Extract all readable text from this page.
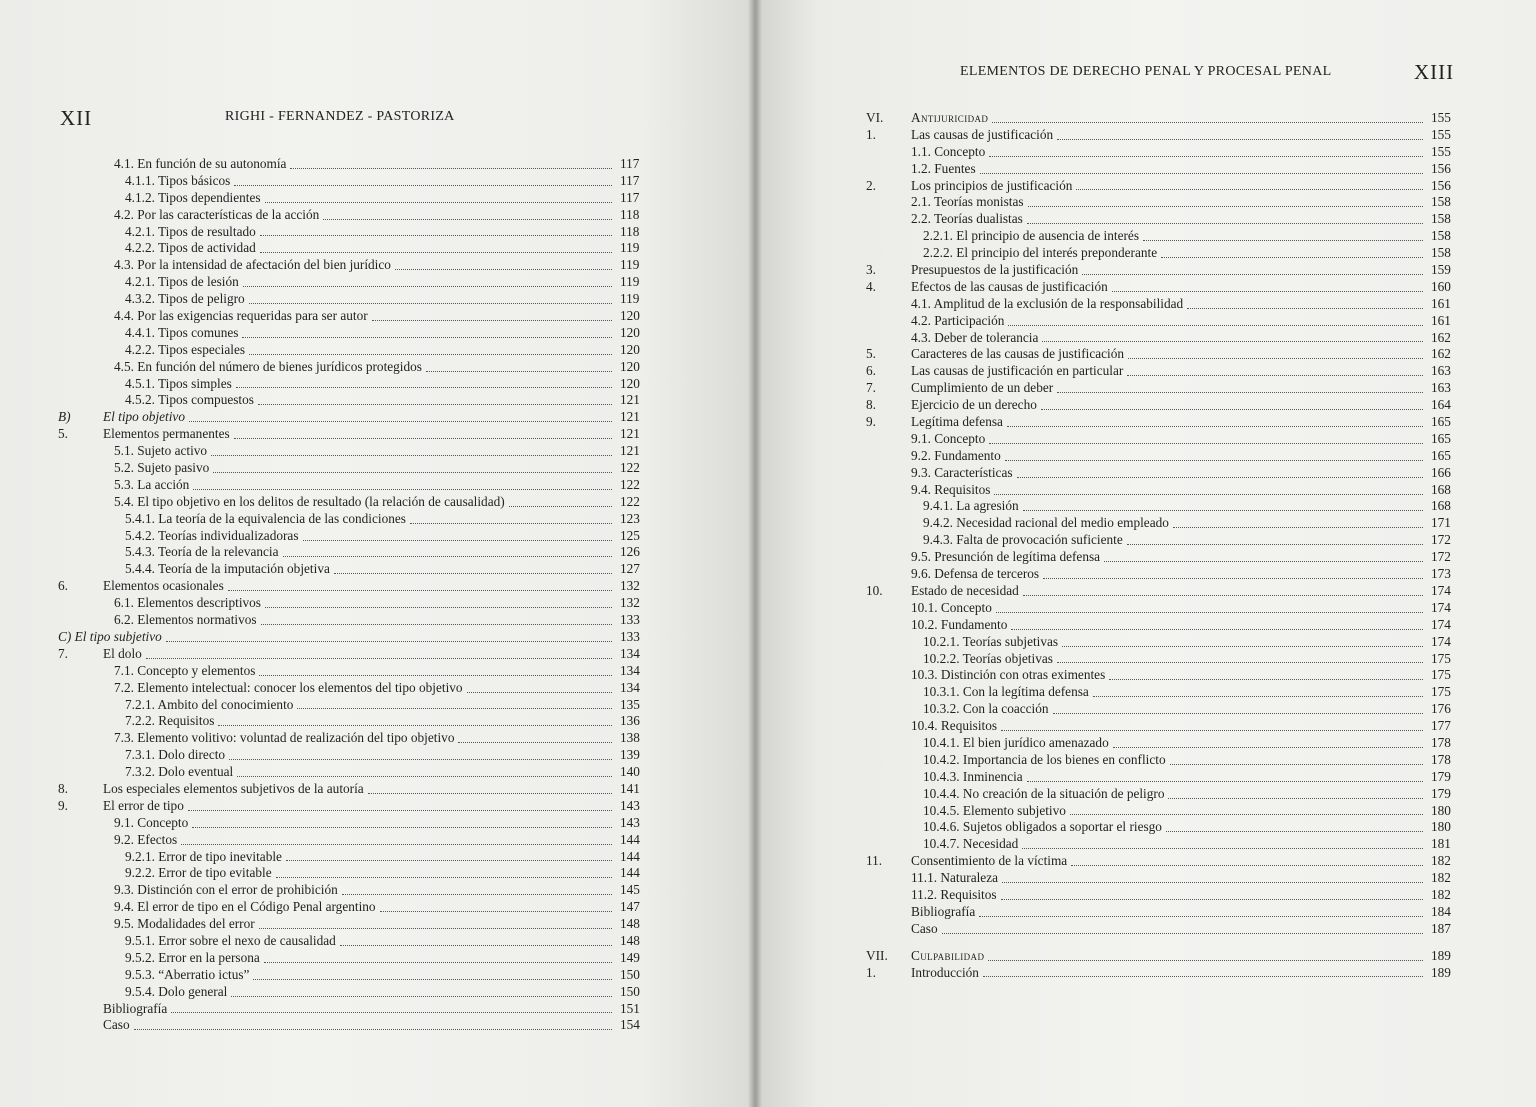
XII	RIGHI - FERNANDEZ - PASTORIZA
4.1. En función de su autonomía	117
4.1.1. Tipos básicos	117
4.1.2. Tipos dependientes	117
4.2. Por las características de la acción	118
4.2.1. Tipos de resultado	118
4.2.2. Tipos de actividad	119
4.3. Por la intensidad de afectación del bien jurídico	119
4.2.1. Tipos de lesión	119
4.3.2. Tipos de peligro	119
4.4. Por las exigencias requeridas para ser autor	120
4.4.1. Tipos comunes	120
4.2.2. Tipos especiales	120
4.5. En función del número de bienes jurídicos protegidos	120
4.5.1. Tipos simples	120
4.5.2. Tipos compuestos	121
B) El tipo objetivo	121
5.	Elementos permanentes	121
5.1. Sujeto activo	121
5.2. Sujeto pasivo	122
5.3. La acción	122
5.4. El tipo objetivo en los delitos de resultado (la relación de causalidad)	122
5.4.1. La teoría de la equivalencia de las condiciones	123
5.4.2. Teorías individualizadoras	125
5.4.3. Teoría de la relevancia	126
5.4.4. Teoría de la imputación objetiva	127
6.	Elementos ocasionales	132
6.1. Elementos descriptivos	132
6.2. Elementos normativos	133
C) El tipo subjetivo	133
7.	El dolo	134
7.1. Concepto y elementos	134
7.2. Elemento intelectual: conocer los elementos del tipo objetivo	134
7.2.1. Ambito del conocimiento	135
7.2.2. Requisitos	136
7.3. Elemento volitivo: voluntad de realización del tipo objetivo	138
7.3.1. Dolo directo	139
7.3.2. Dolo eventual	140
8.	Los especiales elementos subjetivos de la autoría	141
9.	El error de tipo	143
9.1. Concepto	143
9.2. Efectos	144
9.2.1. Error de tipo inevitable	144
9.2.2. Error de tipo evitable	144
9.3. Distinción con el error de prohibición	145
9.4. El error de tipo en el Código Penal argentino	147
9.5. Modalidades del error	148
9.5.1. Error sobre el nexo de causalidad	148
9.5.2. Error en la persona	149
9.5.3. “Aberratio ictus”	150
9.5.4. Dolo general	150
Bibliografía	151
Caso	154
ELEMENTOS DE DERECHO PENAL Y PROCESAL PENAL	XIII
VI. Antijuricidad	155
1.	Las causas de justificación	155
1.1. Concepto	155
1.2. Fuentes	156
2.	Los principios de justificación	156
2.1. Teorías monistas	158
2.2. Teorías dualistas	158
2.2.1. El principio de ausencia de interés	158
2.2.2. El principio del interés preponderante	158
3.	Presupuestos de la justificación	159
4.	Efectos de las causas de justificación	160
4.1. Amplitud de la exclusión de la responsabilidad	161
4.2. Participación	161
4.3. Deber de tolerancia	162
5.	Caracteres de las causas de justificación	162
6.	Las causas de justificación en particular	163
7.	Cumplimiento de un deber	163
8.	Ejercicio de un derecho	164
9.	Legítima defensa	165
9.1. Concepto	165
9.2. Fundamento	165
9.3. Características	166
9.4. Requisitos	168
9.4.1. La agresión	168
9.4.2. Necesidad racional del medio empleado	171
9.4.3. Falta de provocación suficiente	172
9.5. Presunción de legítima defensa	172
9.6. Defensa de terceros	173
10. Estado de necesidad	174
10.1. Concepto	174
10.2. Fundamento	174
10.2.1. Teorías subjetivas	174
10.2.2. Teorías objetivas	175
10.3. Distinción con otras eximentes	175
10.3.1. Con la legítima defensa	175
10.3.2. Con la coacción	176
10.4. Requisitos	177
10.4.1. El bien jurídico amenazado	178
10.4.2. Importancia de los bienes en conflicto	178
10.4.3. Inminencia	179
10.4.4. No creación de la situación de peligro	179
10.4.5. Elemento subjetivo	180
10.4.6. Sujetos obligados a soportar el riesgo	180
10.4.7. Necesidad	181
11. Consentimiento de la víctima	182
11.1. Naturaleza	182
11.2. Requisitos	182
Bibliografía	184
Caso	187
VII. Culpabilidad	189
1.	Introducción	189
